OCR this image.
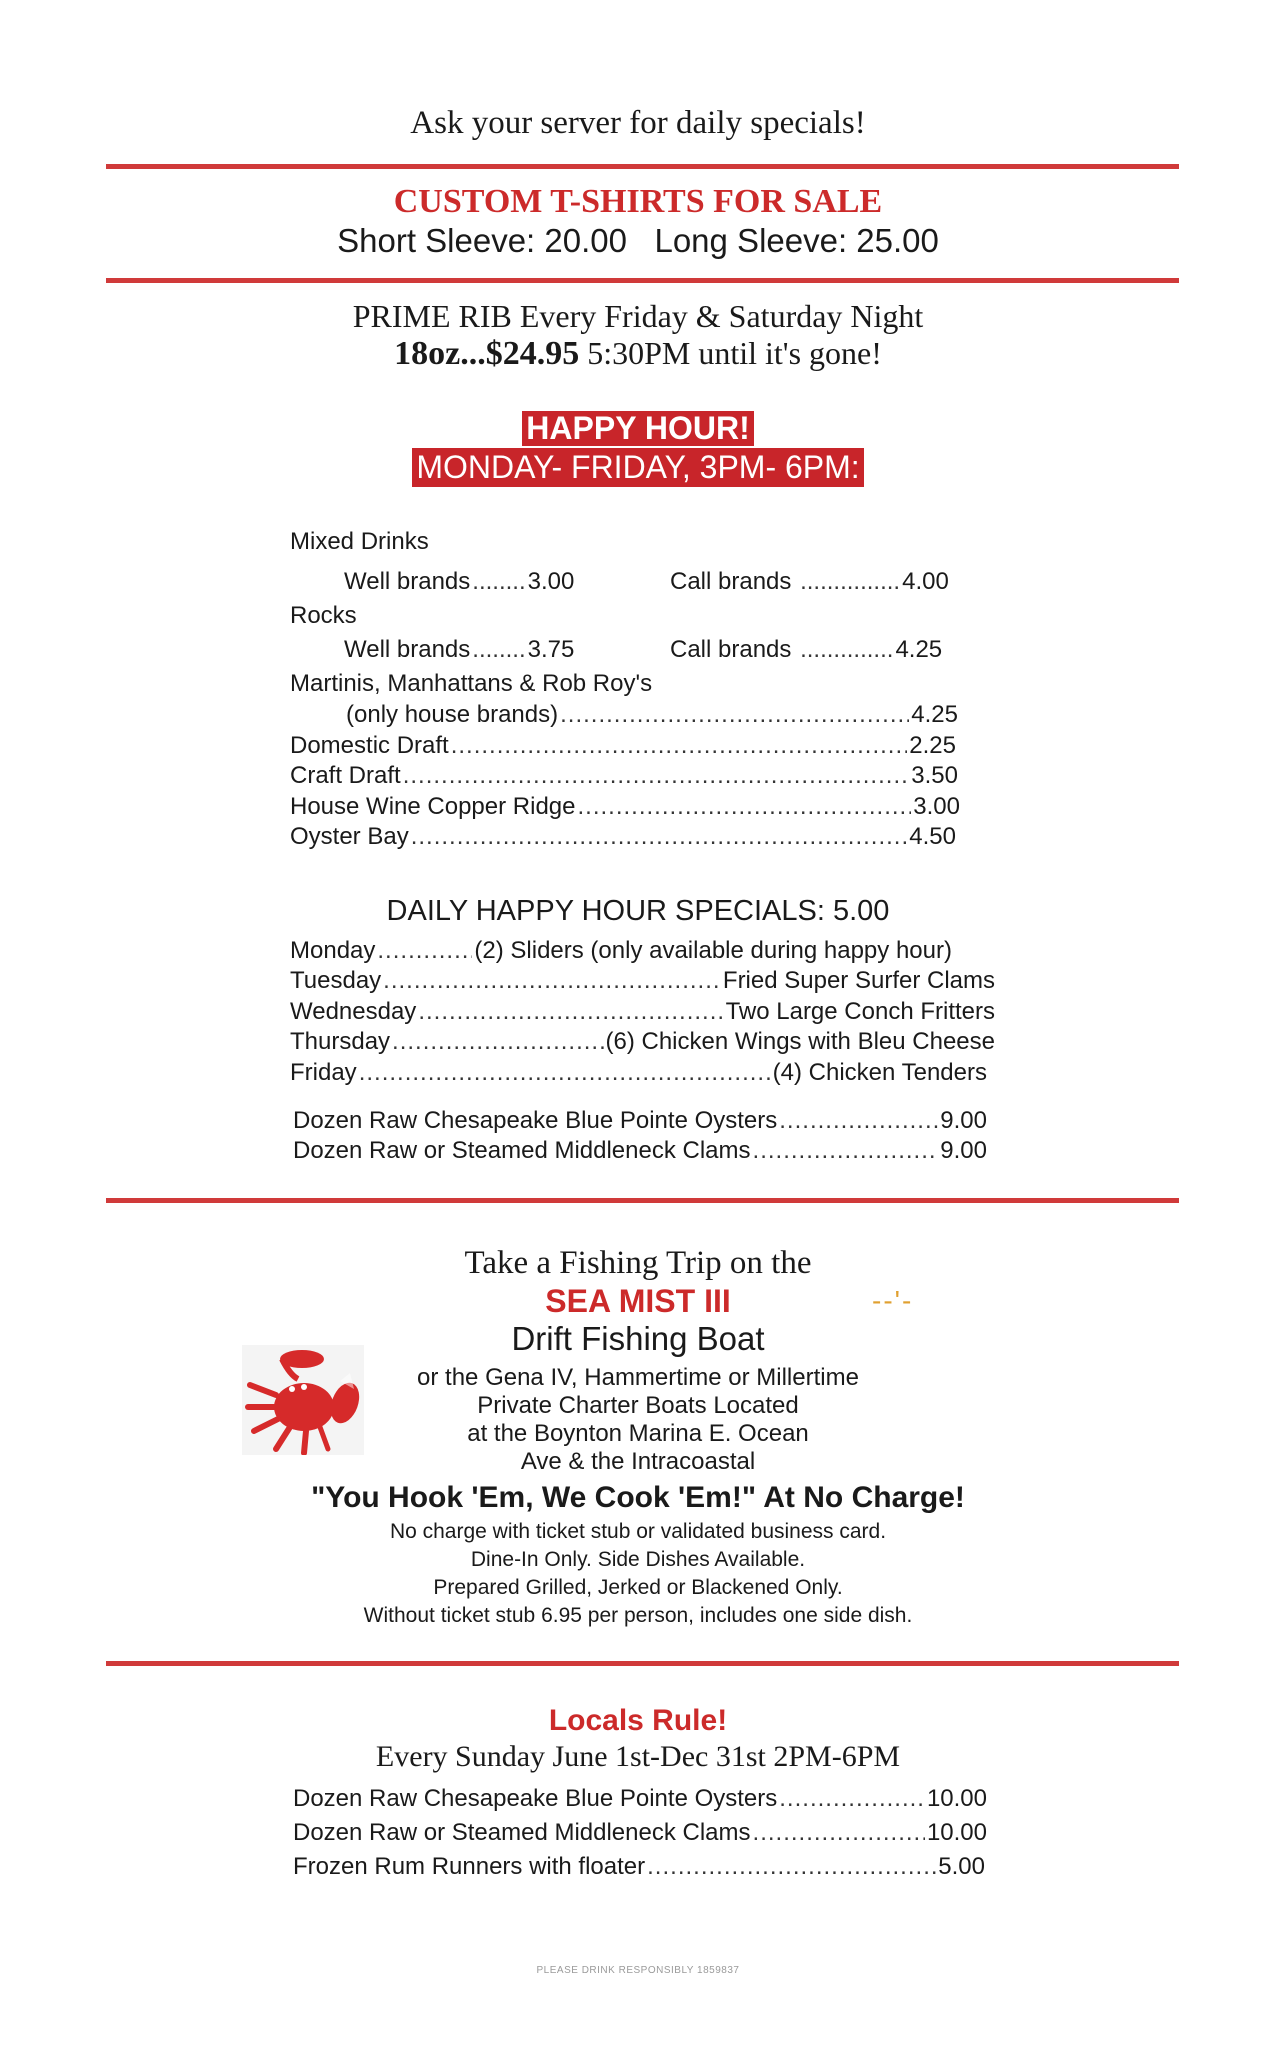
Ask your server for daily specials!
CUSTOM T-SHIRTS FOR SALE
Short Sleeve: 20.00   Long Sleeve: 25.00
PRIME RIB Every Friday & Saturday Night
18oz...$24.95 5:30PM until it's gone!
HAPPY HOUR!
MONDAY- FRIDAY, 3PM- 6PM:
Mixed Drinks
Well brands........3.00	Call brands ...............4.00
Rocks
Well brands........3.75	Call brands ..............4.25
Martinis, Manhattans & Rob Roy's
(only house brands) .....	4.25
Domestic Draft .....	2.25
Craft Draft .....	3.50
House Wine Copper Ridge .....	3.00
Oyster Bay .....	4.50
DAILY HAPPY HOUR SPECIALS: 5.00
Monday .....	(2) Sliders (only available during happy hour)
Tuesday .....	Fried Super Surfer Clams
Wednesday .....	Two Large Conch Fritters
Thursday .....	(6) Chicken Wings with Bleu Cheese
Friday .....	(4) Chicken Tenders
Dozen Raw Chesapeake Blue Pointe Oysters .....	9.00
Dozen Raw or Steamed Middleneck Clams .....	9.00
Take a Fishing Trip on the
SEA MIST III	--'-
Drift Fishing Boat
or the Gena IV, Hammertime or Millertime
Private Charter Boats Located
at the Boynton Marina E. Ocean
Ave & the Intracoastal
"You Hook 'Em, We Cook 'Em!" At No Charge!
No charge with ticket stub or validated business card.
Dine-In Only. Side Dishes Available.
Prepared Grilled, Jerked or Blackened Only.
Without ticket stub 6.95 per person, includes one side dish.
Locals Rule!
Every Sunday June 1st-Dec 31st 2PM-6PM
Dozen Raw Chesapeake Blue Pointe Oysters .....	10.00
Dozen Raw or Steamed Middleneck Clams .....	10.00
Frozen Rum Runners with floater .....	5.00
PLEASE DRINK RESPONSIBLY 1859837
